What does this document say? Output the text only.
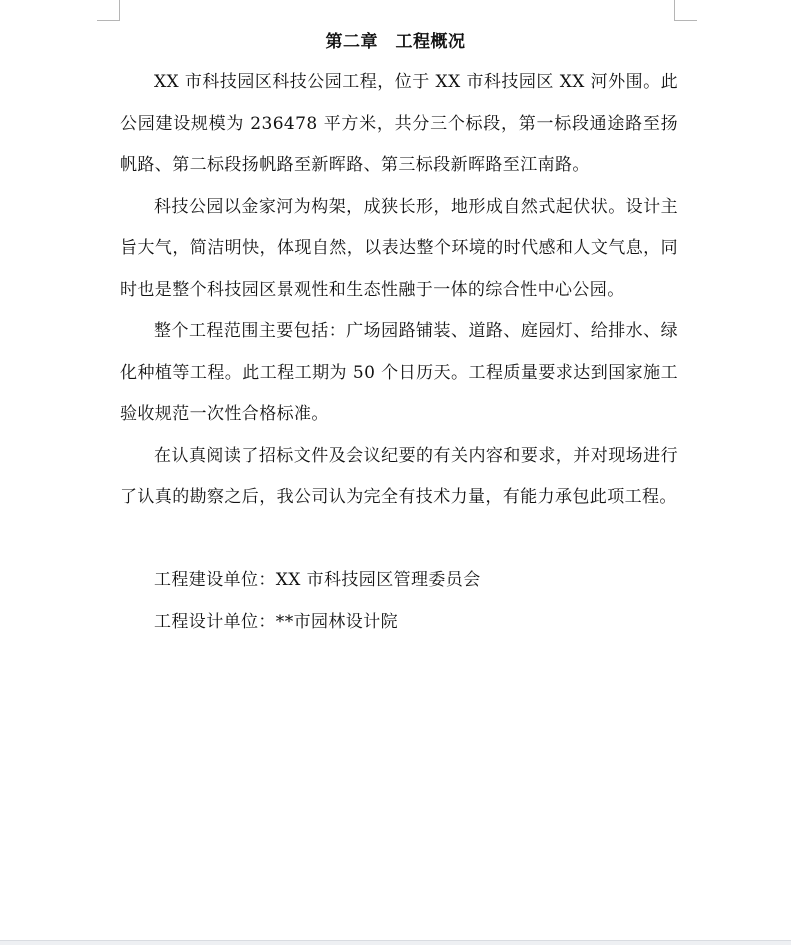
第二章　工程概况

XX 市科技园区科技公园工程，位于 XX 市科技园区 XX 河外围。此公园建设规模为 236478 平方米，共分三个标段，第一标段通途路至扬帆路、第二标段扬帆路至新晖路、第三标段新晖路至江南路。

科技公园以金家河为构架，成狭长形，地形成自然式起伏状。设计主旨大气，简洁明快，体现自然，以表达整个环境的时代感和人文气息，同时也是整个科技园区景观性和生态性融于一体的综合性中心公园。

整个工程范围主要包括：广场园路铺装、道路、庭园灯、给排水、绿化种植等工程。此工程工期为 50 个日历天。工程质量要求达到国家施工验收规范一次性合格标准。

在认真阅读了招标文件及会议纪要的有关内容和要求，并对现场进行了认真的勘察之后，我公司认为完全有技术力量，有能力承包此项工程。

工程建设单位：XX 市科技园区管理委员会

工程设计单位：**市园林设计院
